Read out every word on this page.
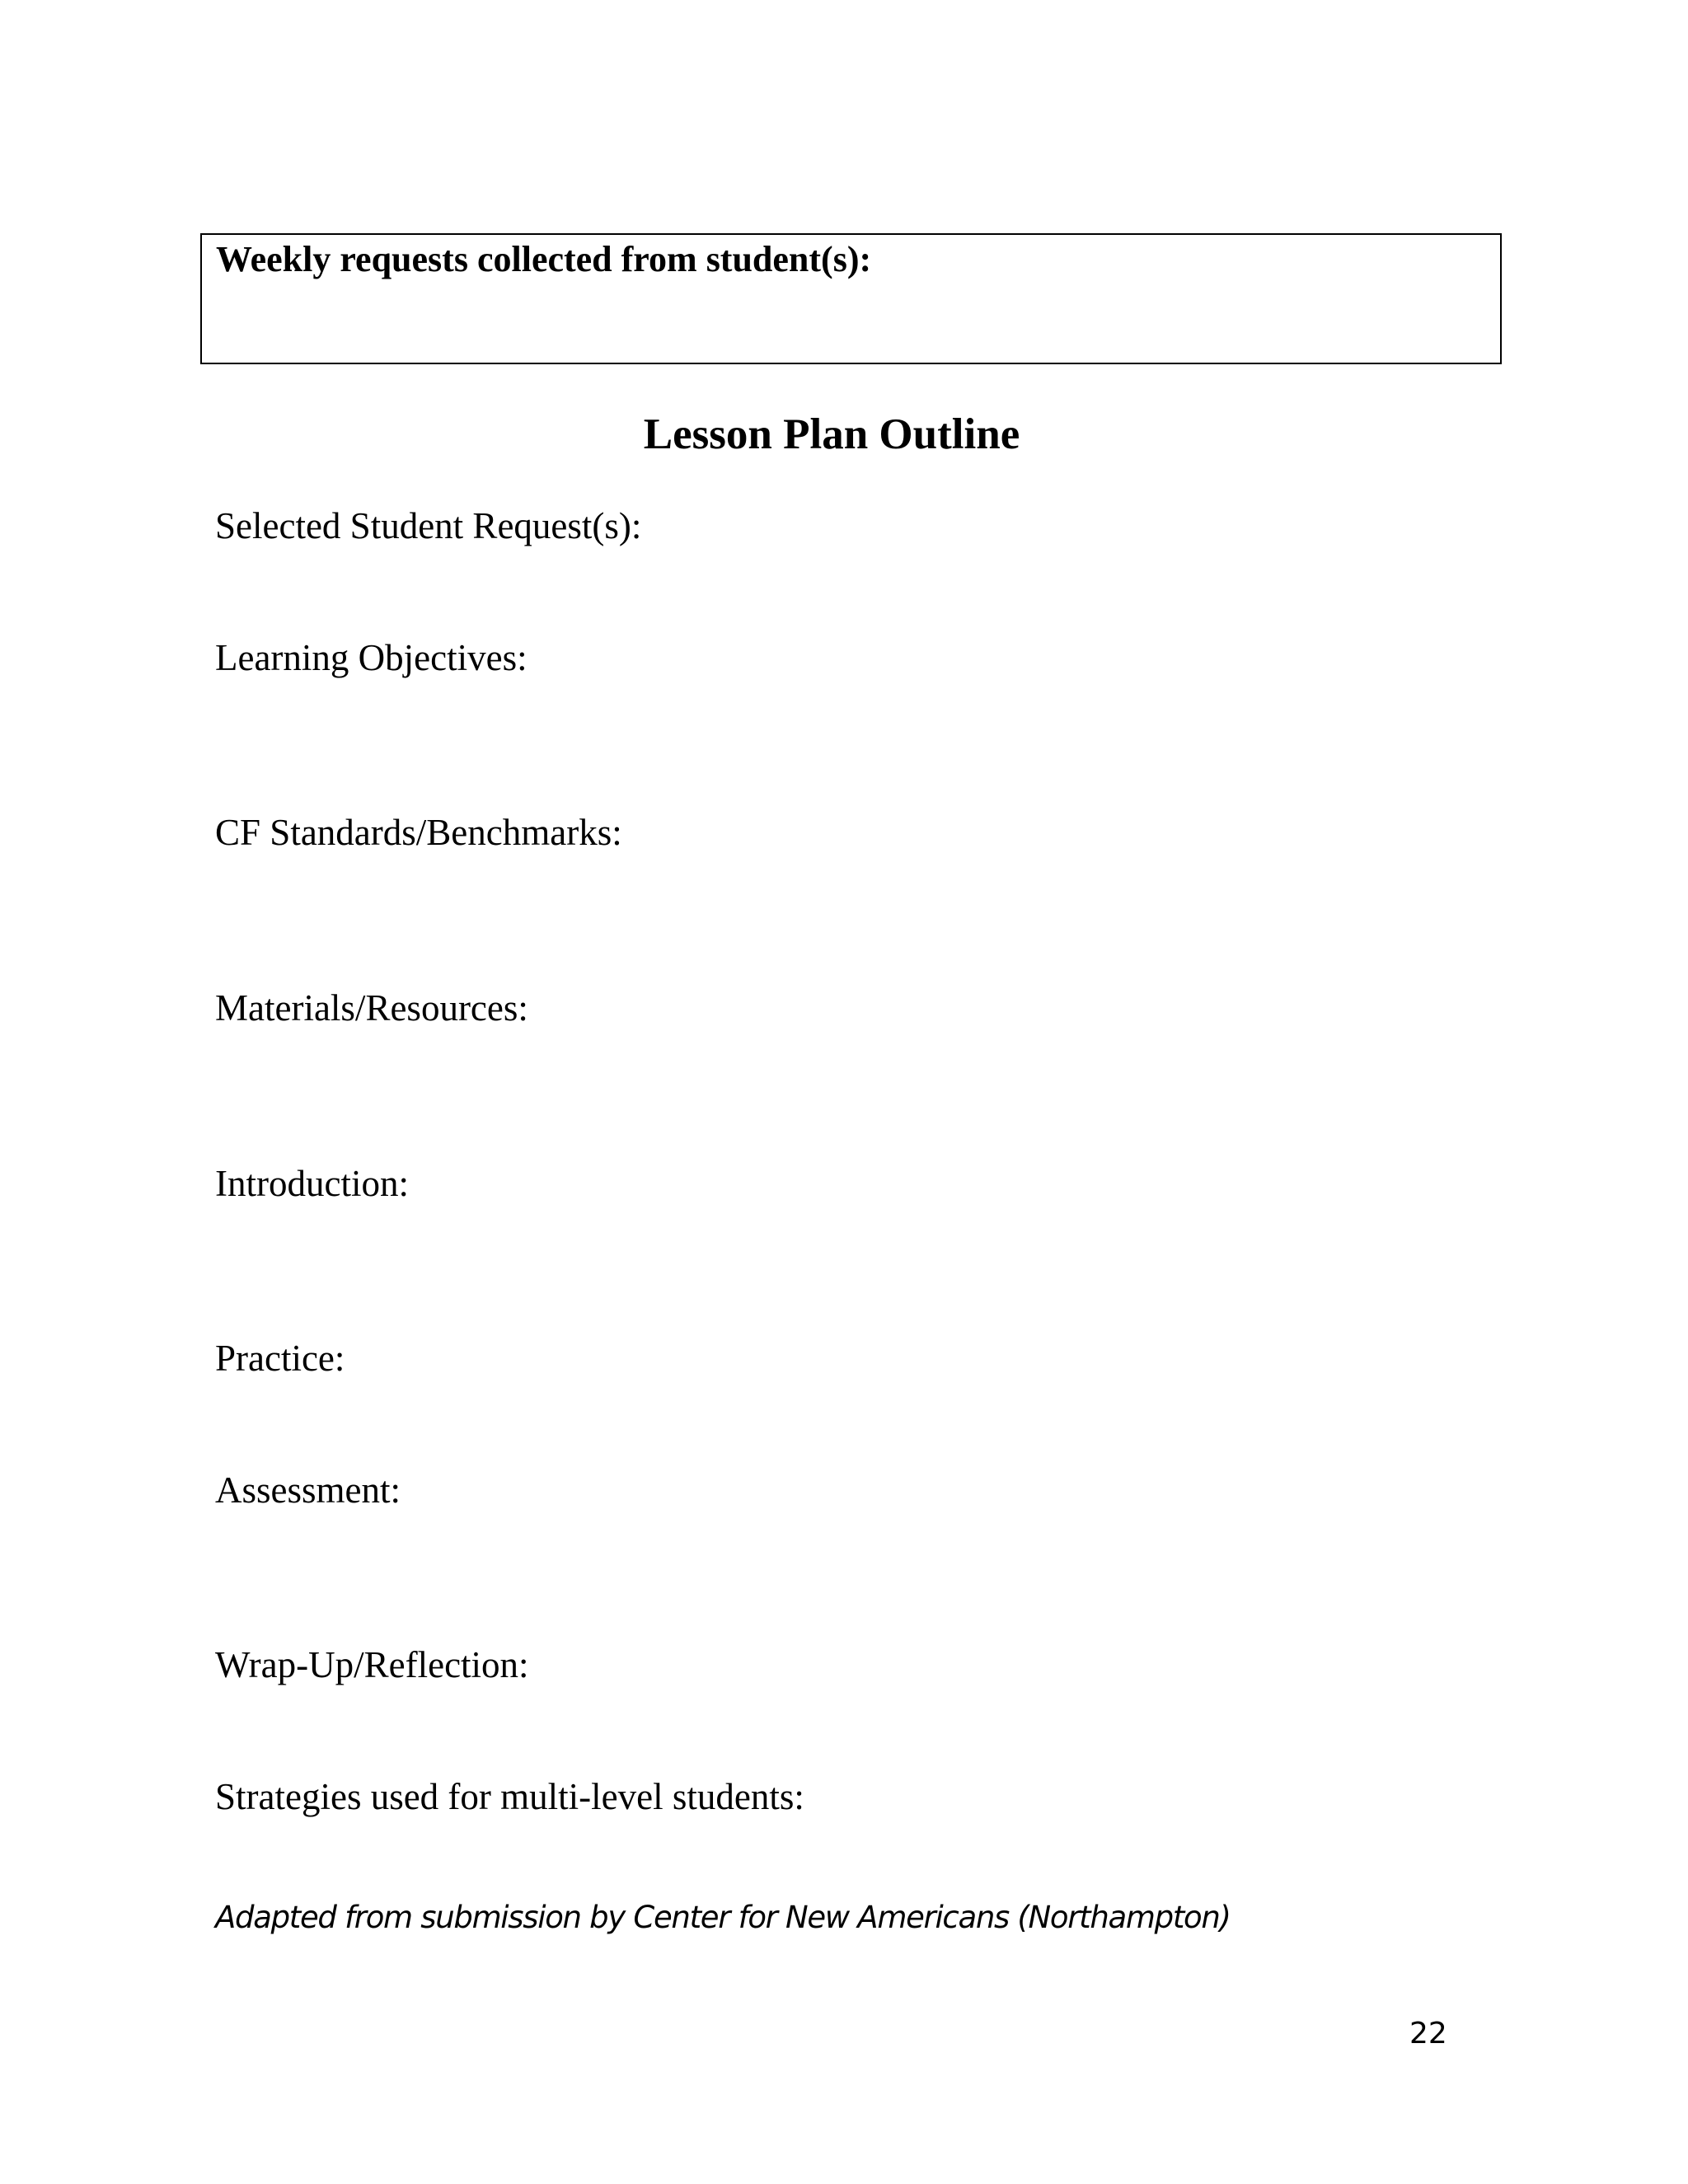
Weekly requests collected from student(s):

Lesson Plan Outline

Selected Student Request(s):

Learning Objectives:

CF Standards/Benchmarks:

Materials/Resources:

Introduction:

Practice:

Assessment:

Wrap-Up/Reflection:

Strategies used for multi-level students:

Adapted from submission by Center for New Americans (Northampton)

22
